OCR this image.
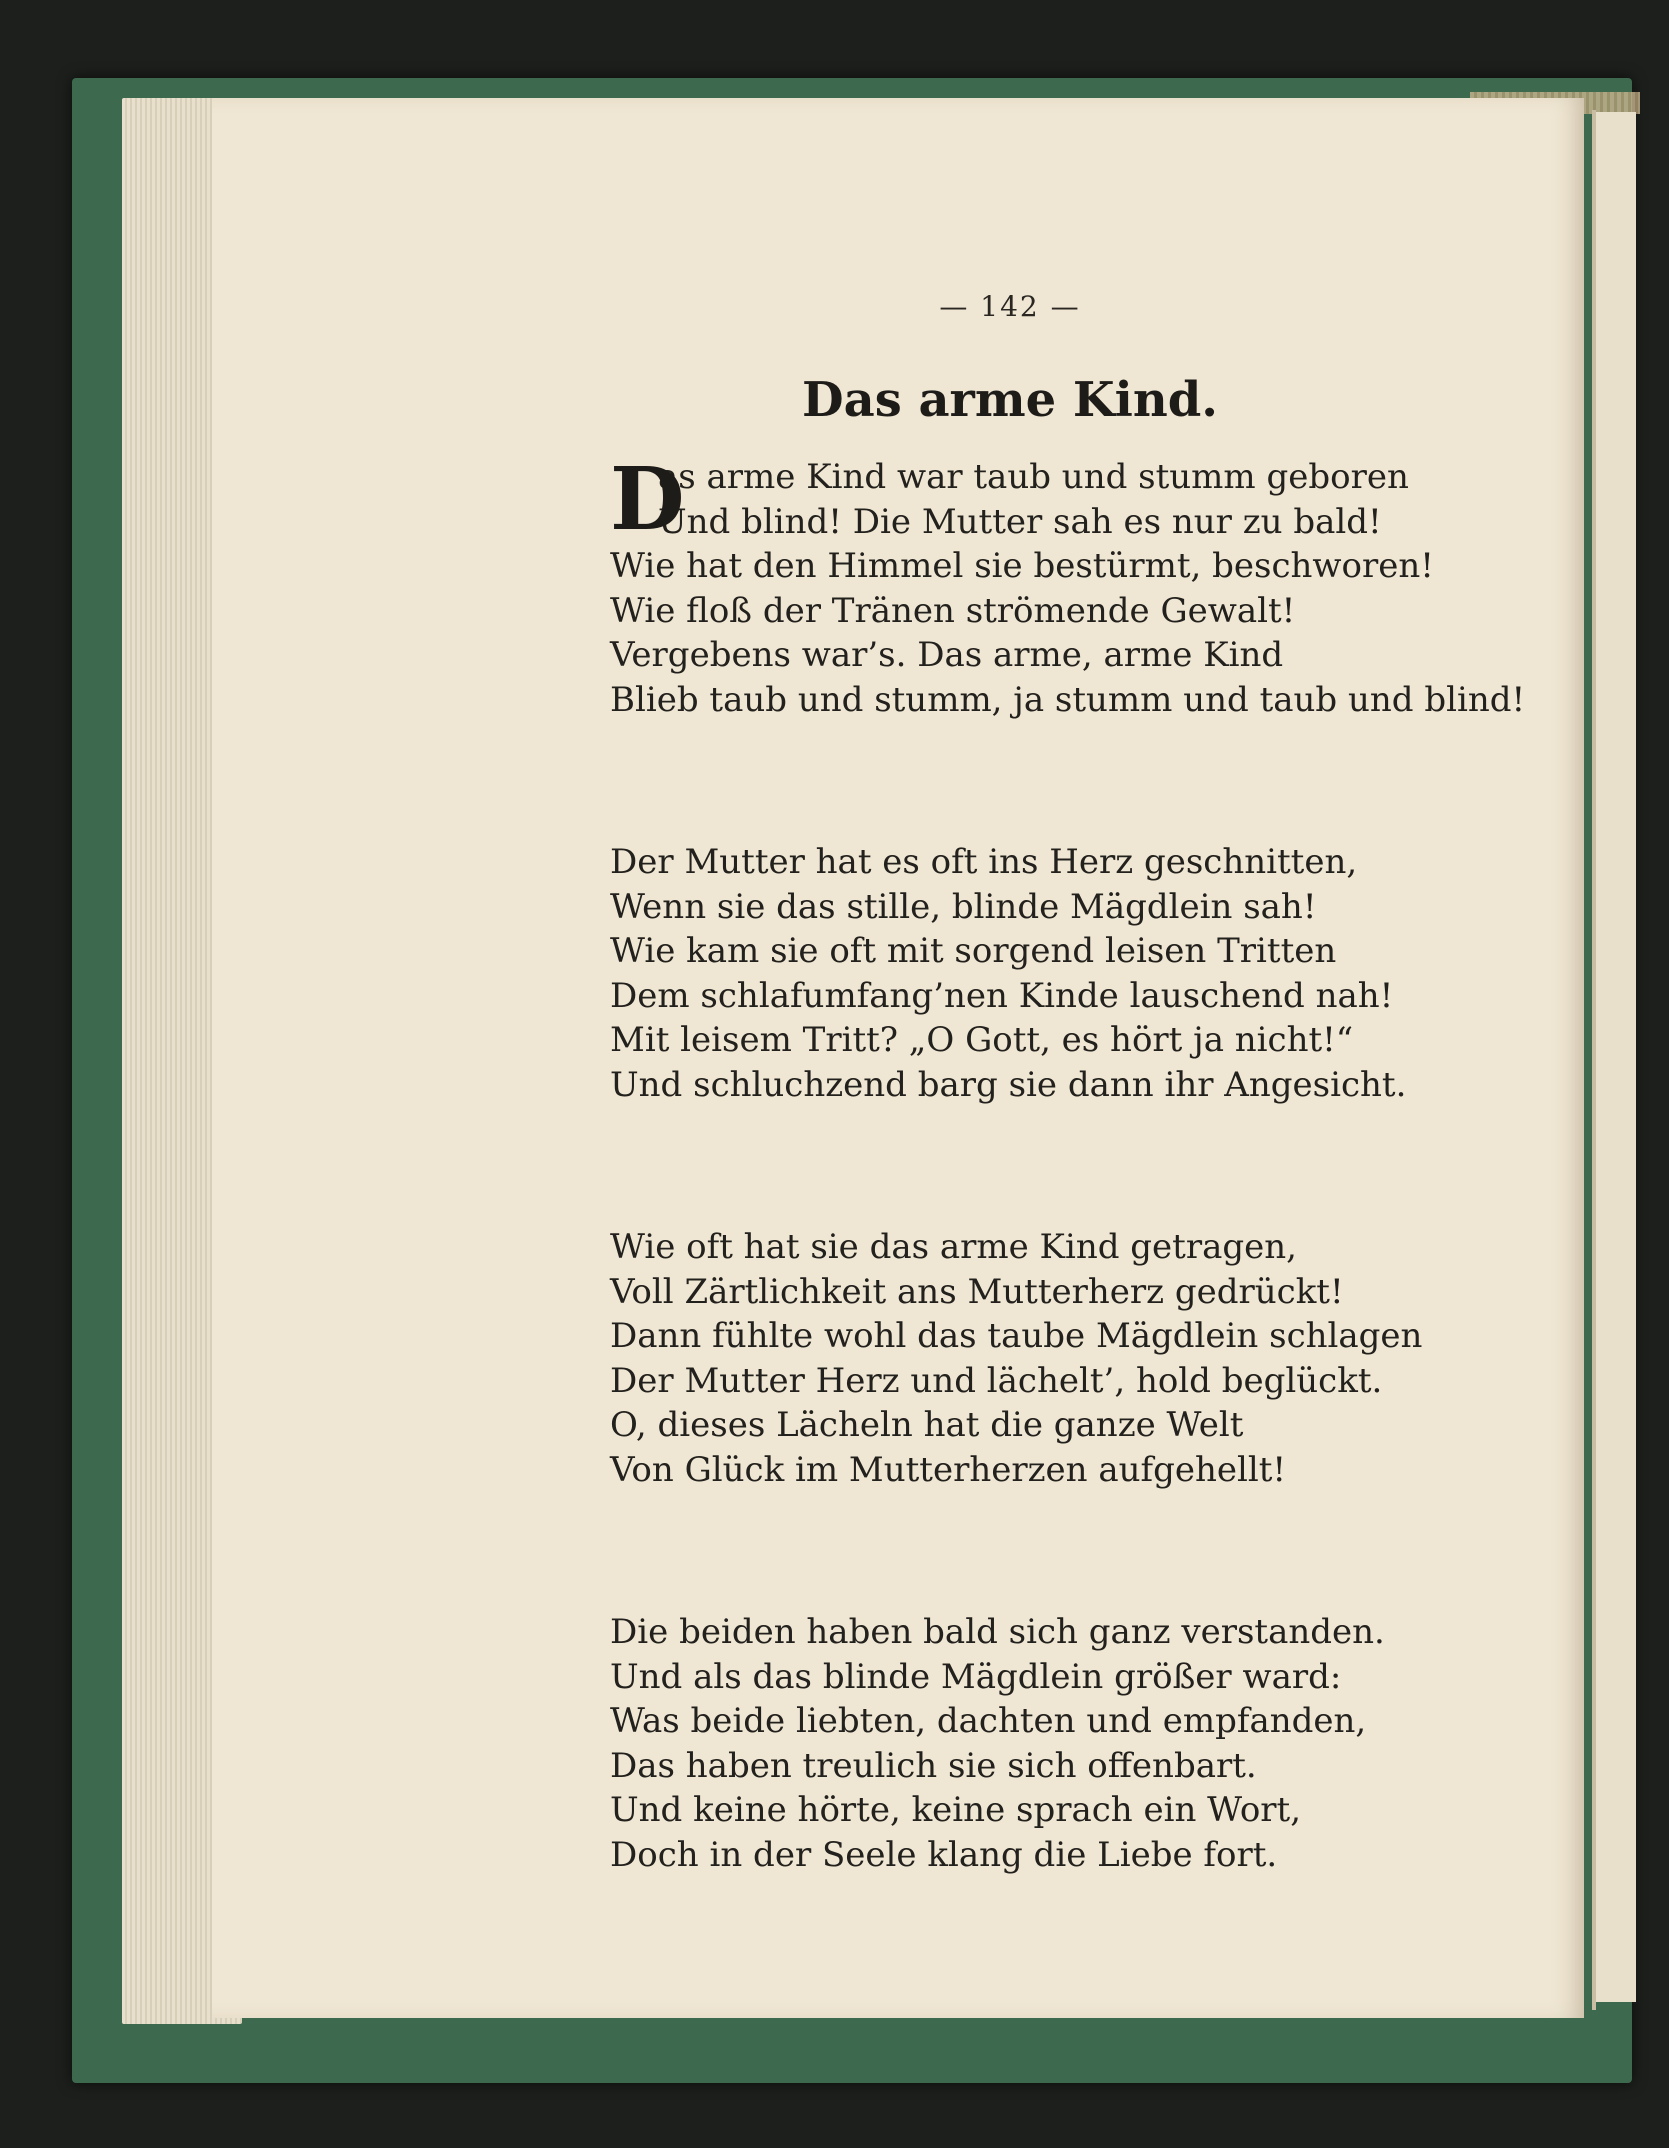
— 142 —
Das arme Kind.
D
as arme Kind war taub und stumm geboren
Und blind! Die Mutter sah es nur zu bald!
Wie hat den Himmel sie bestürmt, beschworen!
Wie floß der Tränen strömende Gewalt!
Vergebens war’s. Das arme, arme Kind
Blieb taub und stumm, ja stumm und taub und blind!
Der Mutter hat es oft ins Herz geschnitten,
Wenn sie das stille, blinde Mägdlein sah!
Wie kam sie oft mit sorgend leisen Tritten
Dem schlafumfang’nen Kinde lauschend nah!
Mit leisem Tritt? „O Gott, es hört ja nicht!“
Und schluchzend barg sie dann ihr Angesicht.
Wie oft hat sie das arme Kind getragen,
Voll Zärtlichkeit ans Mutterherz gedrückt!
Dann fühlte wohl das taube Mägdlein schlagen
Der Mutter Herz und lächelt’, hold beglückt.
O, dieses Lächeln hat die ganze Welt
Von Glück im Mutterherzen aufgehellt!
Die beiden haben bald sich ganz verstanden.
Und als das blinde Mägdlein größer ward:
Was beide liebten, dachten und empfanden,
Das haben treulich sie sich offenbart.
Und keine hörte, keine sprach ein Wort,
Doch in der Seele klang die Liebe fort.
